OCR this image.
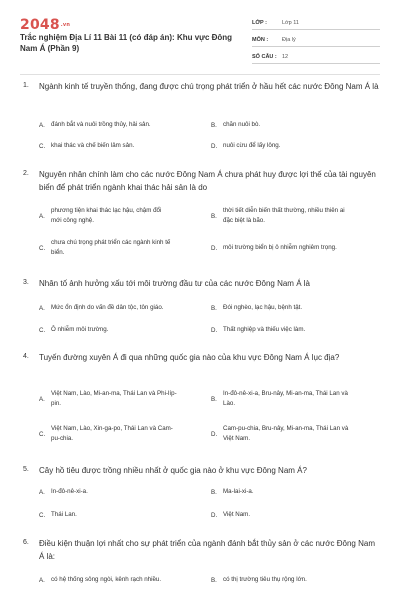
2048.vn
Trắc nghiệm Địa Lí 11 Bài 11 (có đáp án): Khu vực Đông Nam Á (Phần 9)
LỚP :	Lớp 11
MÔN :	Địa lý
SỐ CÂU : 12
1. Ngành kinh tế truyền thống, đang được chú trọng phát triển ở hầu hết các nước Đông Nam Á là
A. đánh bắt và nuôi trồng thủy, hải sản.	B. chăn nuôi bò.
C. khai thác và chế biến lâm sản.	D. nuôi cừu để lấy lông.
2. Nguyên nhân chính làm cho các nước Đông Nam Á chưa phát huy được lợi thế của tài nguyên biển để phát triển ngành khai thác hải sản là do
A.
phương tiện khai thác lạc hậu, chậm đổi mới công nghệ.
B.
thời tiết diễn biến thất thường, nhiều thiên ai đặc biệt là bão.
C.
chưa chú trọng phát triển các ngành kinh tế biển.
D. môi trường biển bị ô nhiễm nghiêm trọng.
3. Nhân tố ảnh hưởng xấu tới môi trường đầu tư của các nước Đông Nam Á là
A. Mức ổn định do vấn đề dân tộc, tôn giáo.	B. Đói nghèo, lạc hậu, bệnh tật.
C. Ô nhiễm môi trường.	D. Thất nghiệp và thiếu việc làm.
4. Tuyến đường xuyên Á đi qua những quốc gia nào của khu vực Đông Nam Á lục địa?
A.
Việt Nam, Lào, Mi-an-ma, Thái Lan và Phi-líp-pin.
B.
In-đô-nê-xi-a, Bru-nây, Mi-an-ma, Thái Lan và Lào.
C.
Việt Nam, Lào, Xin-ga-po, Thái Lan và Cam-pu-chia.
D.
Cam-pu-chia, Bru-nây, Mi-an-ma, Thái Lan và Việt Nam.
5. Cây hồ tiêu được trồng nhiều nhất ở quốc gia nào ở khu vực Đông Nam Á?
A. In-đô-nê-xi-a.	B. Ma-lai-xi-a.
C. Thái Lan.	D. Việt Nam.
6. Điều kiện thuận lợi nhất cho sự phát triển của ngành đánh bắt thủy sản ở các nước Đông Nam Á là:
A. có hệ thống sông ngòi, kênh rạch nhiều.	B. có thị trường tiêu thụ rộng lớn.
